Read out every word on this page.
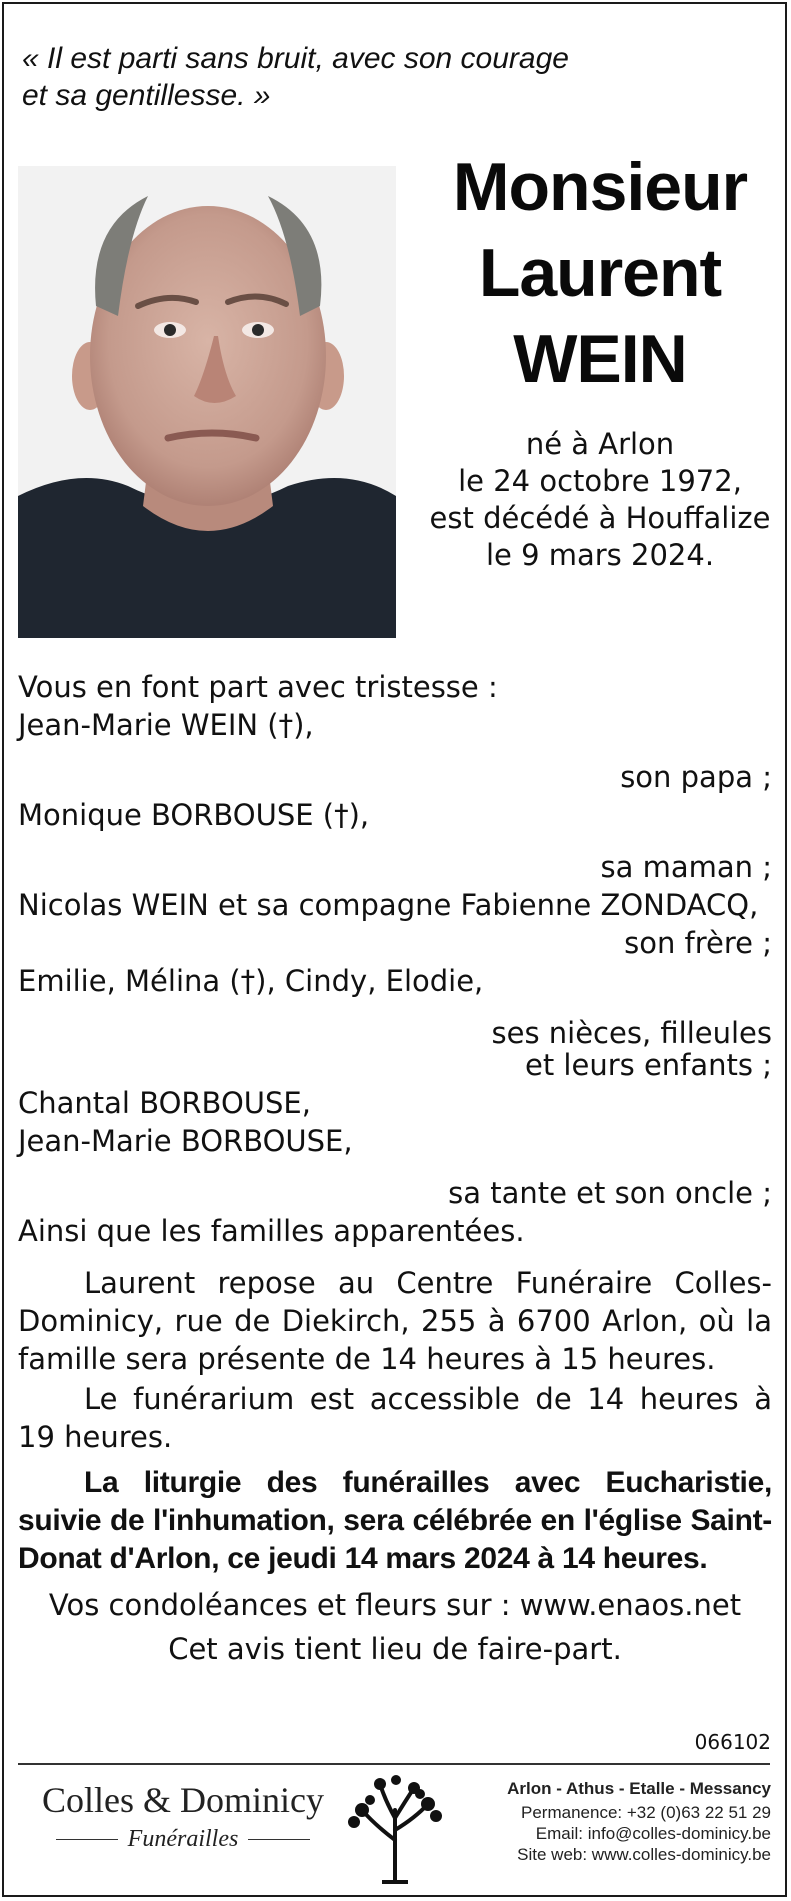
« Il est parti sans bruit, avec son courage
et sa gentillesse. »
Monsieur
Laurent
WEIN
né à Arlon
le 24 octobre 1972,
est décédé à Houffalize
le 9 mars 2024.
Vous en font part avec tristesse :
Jean-Marie WEIN (†),
son papa ;
Monique BORBOUSE (†),
sa maman ;
Nicolas WEIN et sa compagne Fabienne ZONDACQ,
son frère ;
Emilie, Mélina (†), Cindy, Elodie,
ses nièces, filleules
et leurs enfants ;
Chantal BORBOUSE,
Jean-Marie BORBOUSE,
sa tante et son oncle ;
Ainsi que les familles apparentées.
Laurent repose au Centre Funéraire Colles-Dominicy, rue de Diekirch, 255 à 6700 Arlon, où la famille sera présente de 14 heures à 15 heures.
Le funérarium est accessible de 14 heures à 19 heures.
La liturgie des funérailles avec Eucharistie, suivie de l'inhumation, sera célébrée en l'église Saint-Donat d'Arlon, ce jeudi 14 mars 2024 à 14 heures.
Vos condoléances et fleurs sur : www.enaos.net
Cet avis tient lieu de faire-part.
066102
Colles & Dominicy
Funérailles
Arlon - Athus - Etalle - Messancy
Permanence: +32 (0)63 22 51 29
Email: info@colles-dominicy.be
Site web: www.colles-dominicy.be
